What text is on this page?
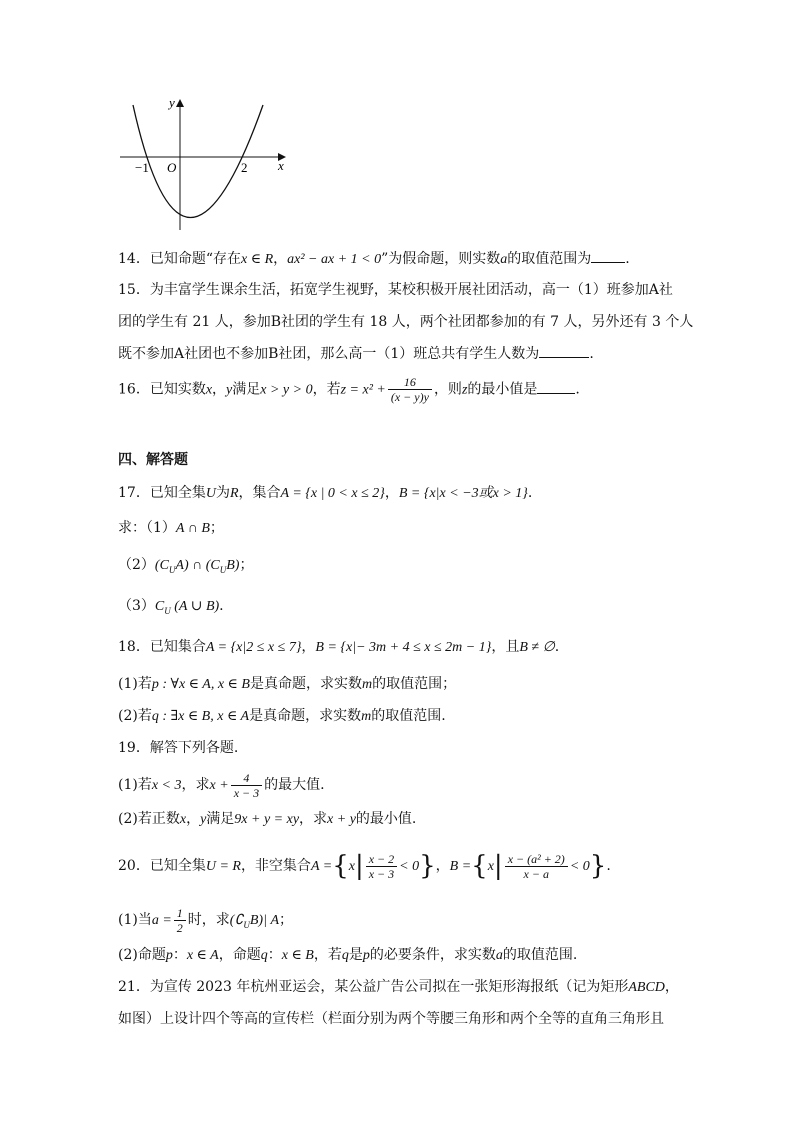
y
x
O
−1	2
14．已知命题“存在x ∈ R，ax² − ax + 1 < 0”为假命题，则实数a的取值范围为 .
15．为丰富学生课余生活，拓宽学生视野，某校积极开展社团活动，高一（1）班参加A社
团的学生有 21 人，参加B社团的学生有 18 人，两个社团都参加的有 7 人，另外还有 3 个人
既不参加A社团也不参加B社团，那么高一（1）班总共有学生人数为	.
16．已知实数x，y满足x > y > 0，若$z = x^2 + \frac{16}{(x - y)y}$ ，则z的最小值是	.
四、解答题
17．已知全集U为R，集合A = {x | 0 < x ≤ 2}，B = {x|x < −3或x > 1}.
求：（1）A ∩ B；
$(2)(C_UA)$ ∩ $(C_UB)$；
$(3)C_U$ (A ∪ B).
18．已知集合A = {x|2 ≤ x ≤ 7}，B = {x|− 3m + 4 ≤ x ≤ 2m − 1}，且B ≠ ∅.
(1)若p : ∀x ∈ A, x ∈ B是真命题，求实数m的取值范围；
(2)若q : ∃x ∈ B, x ∈ A是真命题，求实数m的取值范围.
19．解答下列各题.
(1)若x < 3，求$x + \frac{4}{x - 3}$ 的最大值.
(2)若正数x，y满足9x + y = xy，求x + y的最小值.
20．已知全集U = R，非空集合$A =\{x| \frac{x - 2}{x - 3} < 0\}$，$B =\{x| \frac{\text{x − (a² + 2)}}{x - a} < 0\}$.
(1)当$a = \frac{1}{2}$ 时，求$(∁_UB)|$ A；
(2)命题p：x ∈ A，命题q：x ∈ B，若q是p的必要条件，求实数a的取值范围.
21．为宣传 2023 年杭州亚运会，某公益广告公司拟在一张矩形海报纸（记为矩形ABCD，
如图）上设计四个等高的宣传栏（栏面分别为两个等腰三角形和两个全等的直角三角形且
